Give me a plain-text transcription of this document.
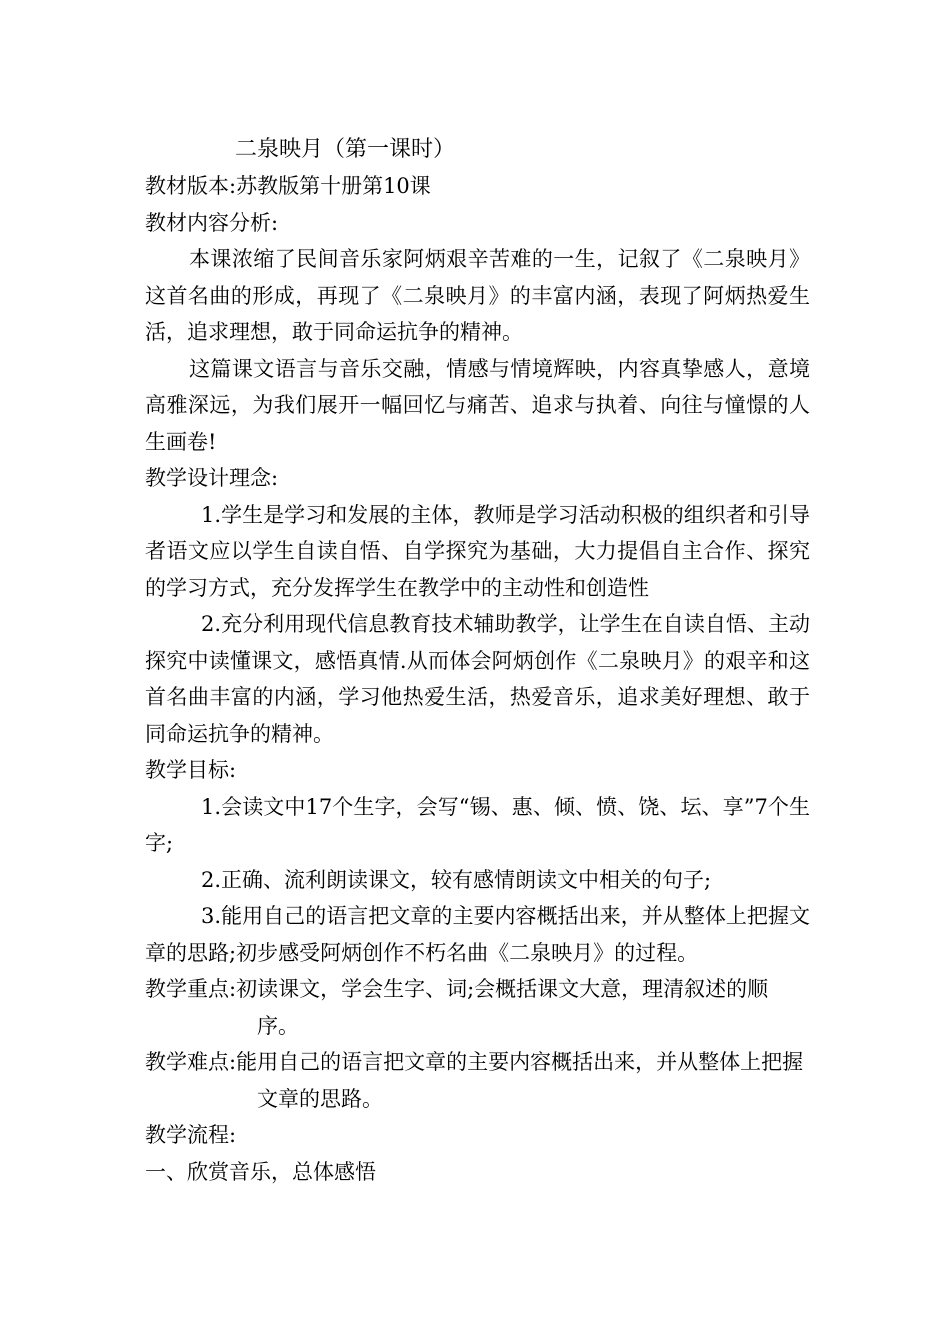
二泉映月（第一课时）

教材版本:苏教版第十册第10课

教材内容分析:

本课浓缩了民间音乐家阿炳艰辛苦难的一生，记叙了《二泉映月》这首名曲的形成，再现了《二泉映月》的丰富内涵，表现了阿炳热爱生活，追求理想，敢于同命运抗争的精神。

这篇课文语言与音乐交融，情感与情境辉映，内容真挚感人，意境高雅深远，为我们展开一幅回忆与痛苦、追求与执着、向往与憧憬的人生画卷!

教学设计理念:

1.学生是学习和发展的主体，教师是学习活动积极的组织者和引导者语文应以学生自读自悟、自学探究为基础，大力提倡自主合作、探究的学习方式，充分发挥学生在教学中的主动性和创造性

2.充分利用现代信息教育技术辅助教学，让学生在自读自悟、主动探究中读懂课文，感悟真情.从而体会阿炳创作《二泉映月》的艰辛和这首名曲丰富的内涵，学习他热爱生活，热爱音乐，追求美好理想、敢于同命运抗争的精神。

教学目标:

1.会读文中17个生字，会写“锡、惠、倾、愤、饶、坛、享”7个生字;

2.正确、流利朗读课文，较有感情朗读文中相关的句子;

3.能用自己的语言把文章的主要内容概括出来，并从整体上把握文章的思路;初步感受阿炳创作不朽名曲《二泉映月》的过程。

教学重点:初读课文，学会生字、词;会概括课文大意，理清叙述的顺序。

教学难点:能用自己的语言把文章的主要内容概括出来，并从整体上把握文章的思路。

教学流程:

一、欣赏音乐，总体感悟
